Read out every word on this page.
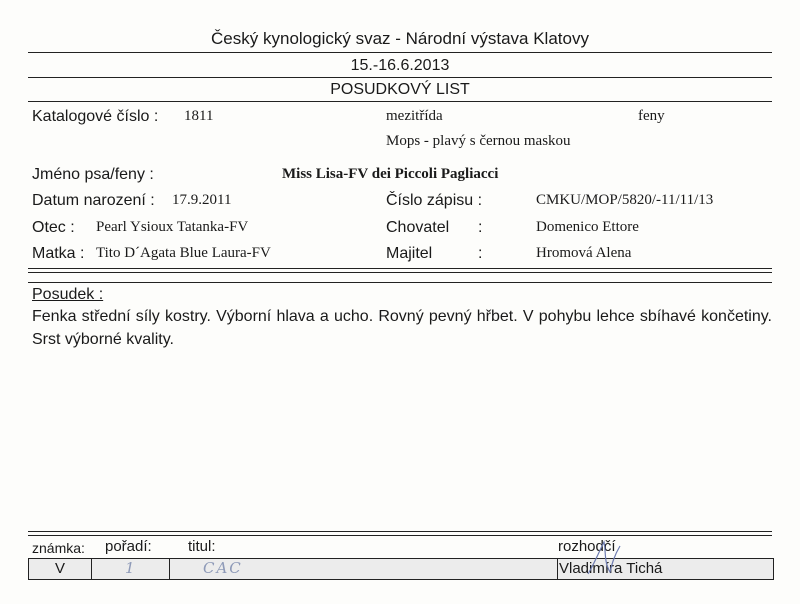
Český kynologický svaz - Národní výstava Klatovy
15.-16.6.2013
POSUDKOVÝ LIST
Katalogové číslo : 1811	mezitřída	feny
Mops - plavý s černou maskou
Jméno psa/feny :	Miss Lisa-FV dei Piccoli Pagliacci
Datum narození : 17.9.2011	Číslo zápisu :	CMKU/MOP/5820/-11/11/13
Otec : Pearl Ysioux Tatanka-FV	Chovatel :	Domenico Ettore
Matka : Tito D´Agata Blue Laura-FV	Majitel	:	Hromová Alena
Posudek :
Fenka střední síly kostry. Výborní hlava a ucho. Rovný pevný hřbet. V pohybu lehce sbíhavé končetiny. Srst výborné kvality.
známka: pořadí: titul:	rozhodčí
V	1	CAC	Vladimíra Tichá
